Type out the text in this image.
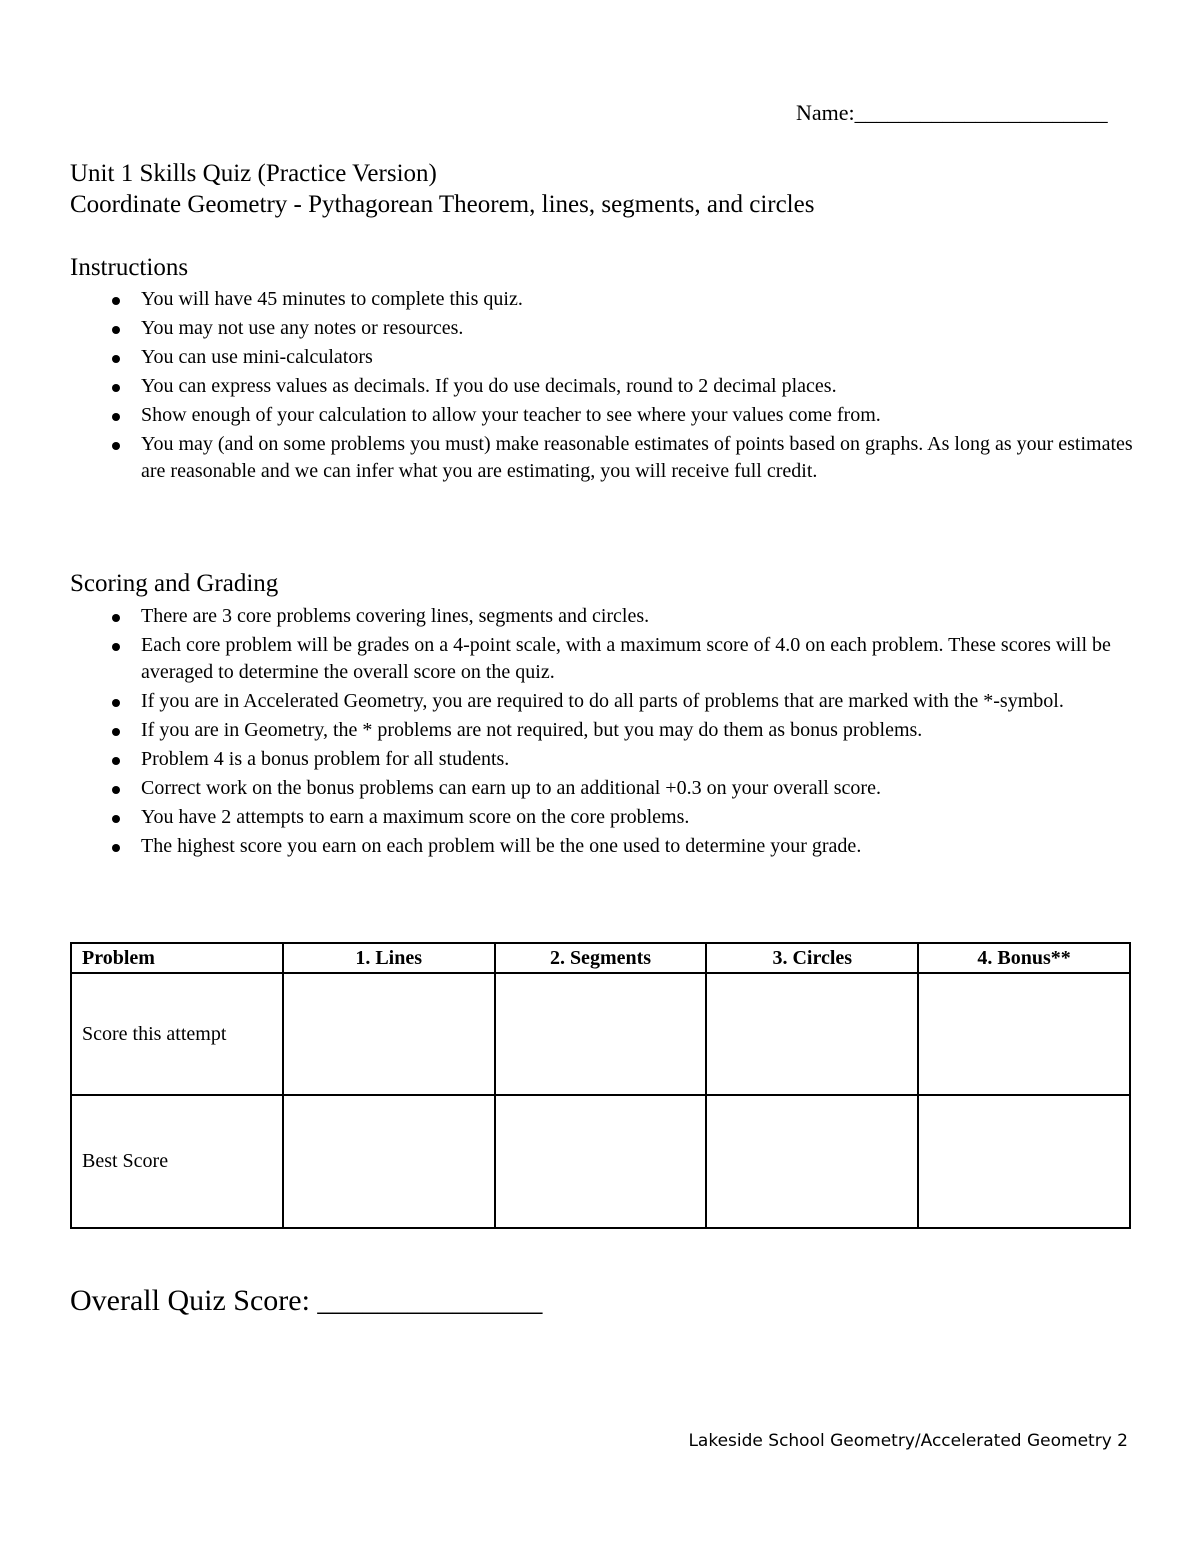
Name:_______________________
Unit 1 Skills Quiz (Practice Version)
Coordinate Geometry - Pythagorean Theorem, lines, segments, and circles
Instructions
You will have 45 minutes to complete this quiz.
You may not use any notes or resources.
You can use mini-calculators
You can express values as decimals. If you do use decimals, round to 2 decimal places.
Show enough of your calculation to allow your teacher to see where your values come from.
You may (and on some problems you must) make reasonable estimates of points based on graphs. As long as your estimates are reasonable and we can infer what you are estimating, you will receive full credit.
Scoring and Grading
There are 3 core problems covering lines, segments and circles.
Each core problem will be grades on a 4-point scale, with a maximum score of 4.0 on each problem. These scores will be averaged to determine the overall score on the quiz.
If you are in Accelerated Geometry, you are required to do all parts of problems that are marked with the *-symbol.
If you are in Geometry, the * problems are not required, but you may do them as bonus problems.
Problem 4 is a bonus problem for all students.
Correct work on the bonus problems can earn up to an additional +0.3 on your overall score.
You have 2 attempts to earn a maximum score on the core problems.
The highest score you earn on each problem will be the one used to determine your grade.
Problem	1. Lines	2. Segments	3. Circles	4. Bonus**
Score this attempt				
Best Score				
Overall Quiz Score: _______________
Lakeside School Geometry/Accelerated Geometry 2
